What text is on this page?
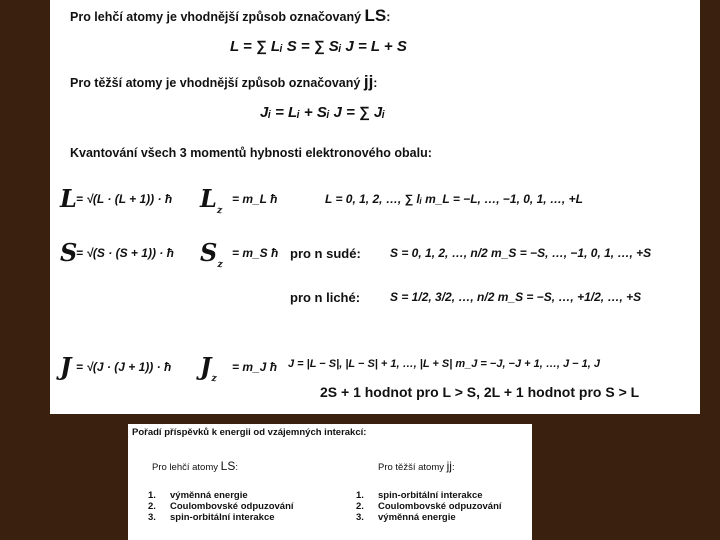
Pro lehčí atomy je vhodnější způsob označovaný LS:
L = ∑ Lᵢ S = ∑ Sᵢ J = L + S
Pro těžší atomy je vhodnější způsob označovaný jj:
Jᵢ = Lᵢ + Sᵢ J = ∑ Jᵢ
Kvantování všech 3 momentů hybnosti elektronového obalu:
L = √(L · (L + 1)) · ħ $L_z$
= m_L ħ	L = 0, 1, 2, …, ∑ lᵢ m_L = −L, …, −1, 0, 1, …, +L
S
= √(S · (S + 1)) · ħ $S_z$
= m_S ħ pro n sudé: S = 0, 1, 2, …, n/2 m_S = −S, …, −1, 0, 1, …, +S
pro n liché: S = 1/2, 3/2, …, n/2 m_S = −S, …, +1/2, …, +S
J = √(J · (J + 1)) · ħ $J_z$
= m_J ħ J = |L − S|, |L − S| + 1, …, |L + S| m_J = −J, −J + 1, …, J − 1, J
2S + 1 hodnot pro L > S, 2L + 1 hodnot pro S > L
Pořadí příspěvků k energii od vzájemných interakcí:
Pro lehčí atomy LS:	Pro těžší atomy jj:
1. výměnná energie
2. Coulombovské odpuzování
3. spin-orbitální interakce
1. spin-orbitální interakce
2. Coulombovské odpuzování
3. výměnná energie
